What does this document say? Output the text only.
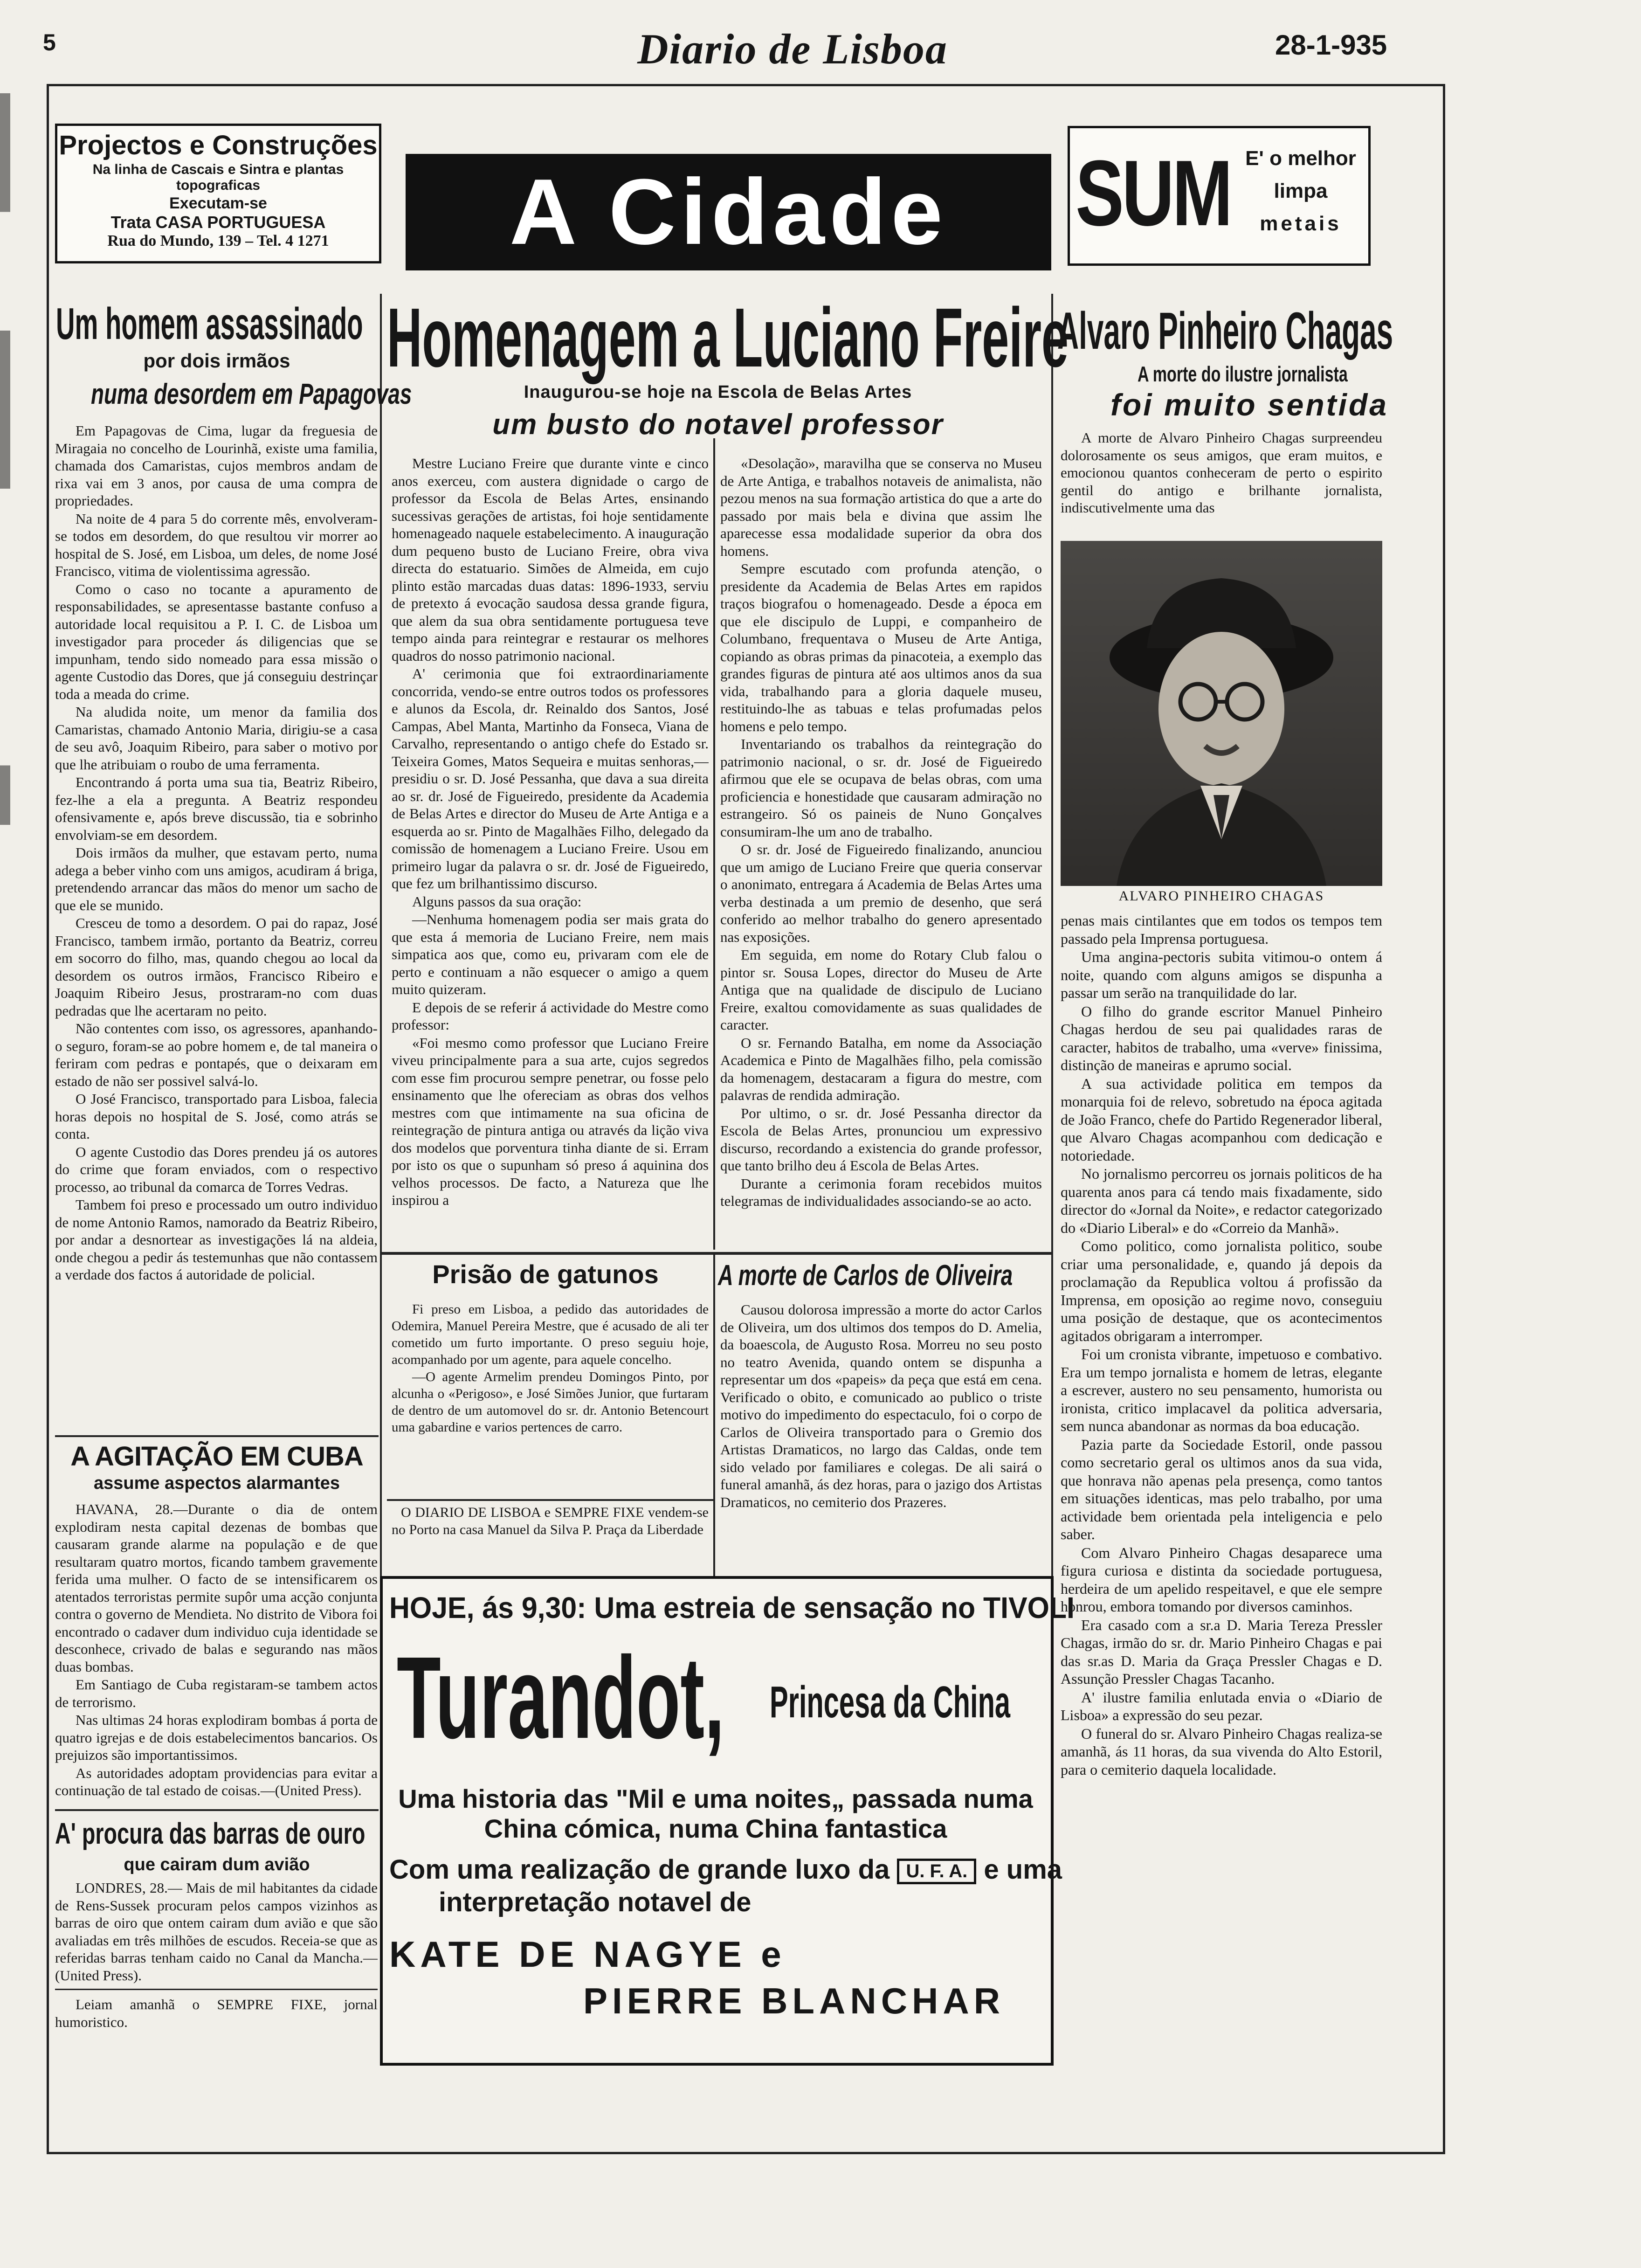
5	Diario de Lisboa	28-1-935
Projectos e Construções
Na linha de Cascais e Sintra e plantas topograficas
Executam-se
Trata CASA PORTUGUESA
Rua do Mundo, 139 – Tel. 4 1271	A Cidade	SUM E' o melhor
limpa
metais
Um homem assassinado
por dois irmãos
numa desordem em Papagovas

Em Papagovas de Cima, lugar da freguesia de Miragaia no concelho de Lourinhã, existe uma familia, chamada dos Camaristas, cujos membros andam de rixa vai em 3 anos, por causa de uma compra de propriedades.

Na noite de 4 para 5 do corrente mês, envolveram-se todos em desordem, do que resultou vir morrer ao hospital de S. José, em Lisboa, um deles, de nome José Francisco, vitima de violentissima agressão.

Como o caso no tocante a apuramento de responsabilidades, se apresentasse bastante confuso a autoridade local requisitou a P. I. C. de Lisboa um investigador para proceder ás diligencias que se impunham, tendo sido nomeado para essa missão o agente Custodio das Dores, que já conseguiu destrinçar toda a meada do crime.

Na aludida noite, um menor da familia dos Camaristas, chamado Antonio Maria, dirigiu-se a casa de seu avô, Joaquim Ribeiro, para saber o motivo por que lhe atribuiam o roubo de uma ferramenta.

Encontrando á porta uma sua tia, Beatriz Ribeiro, fez-lhe a ela a pregunta. A Beatriz respondeu ofensivamente e, após breve discussão, tia e sobrinho envolviam-se em desordem.

Dois irmãos da mulher, que estavam perto, numa adega a beber vinho com uns amigos, acudiram á briga, pretendendo arrancar das mãos do menor um sacho de que ele se munido.

Cresceu de tomo a desordem. O pai do rapaz, José Francisco, tambem irmão, portanto da Beatriz, correu em socorro do filho, mas, quando chegou ao local da desordem os outros irmãos, Francisco Ribeiro e Joaquim Ribeiro Jesus, prostraram-no com duas pedradas que lhe acertaram no peito.

Não contentes com isso, os agressores, apanhando-o seguro, foram-se ao pobre homem e, de tal maneira o feriram com pedras e pontapés, que o deixaram em estado de não ser possivel salvá-lo.

O José Francisco, transportado para Lisboa, falecia horas depois no hospital de S. José, como atrás se conta.

O agente Custodio das Dores prendeu já os autores do crime que foram enviados, com o respectivo processo, ao tribunal da comarca de Torres Vedras.

Tambem foi preso e processado um outro individuo de nome Antonio Ramos, namorado da Beatriz Ribeiro, por andar a desnortear as investigações lá na aldeia, onde chegou a pedir ás testemunhas que não contassem a verdade dos factos á autoridade de policial.

A AGITAÇÃO EM CUBA
assume aspectos alarmantes

HAVANA, 28.—Durante o dia de ontem explodiram nesta capital dezenas de bombas que causaram grande alarme na população e de que resultaram quatro mortos, ficando tambem gravemente ferida uma mulher. O facto de se intensificarem os atentados terroristas permite supôr uma acção conjunta contra o governo de Mendieta. No distrito de Vibora foi encontrado o cadaver dum individuo cuja identidade se desconhece, crivado de balas e segurando nas mãos duas bombas.

Em Santiago de Cuba registaram-se tambem actos de terrorismo.

Nas ultimas 24 horas explodiram bombas á porta de quatro igrejas e de dois estabelecimentos bancarios. Os prejuizos são importantissimos.

As autoridades adoptam providencias para evitar a continuação de tal estado de coisas.—(United Press).

A' procura das barras de ouro
que cairam dum avião

LONDRES, 28.— Mais de mil habitantes da cidade de Rens-Sussek procuram pelos campos vizinhos as barras de oiro que ontem cairam dum avião e que são avaliadas em três milhões de escudos. Receia-se que as referidas barras tenham caido no Canal da Mancha.— (United Press).

Leiam amanhã o SEMPRE FIXE, jornal humoristico.

Homenagem a Luciano Freire
Inaugurou-se hoje na Escola de Belas Artes
um busto do notavel professor

Mestre Luciano Freire que durante vinte e cinco anos exerceu, com austera dignidade o cargo de professor da Escola de Belas Artes, ensinando sucessivas gerações de artistas, foi hoje sentidamente homenageado naquele estabelecimento. A inauguração dum pequeno busto de Luciano Freire, obra viva directa do estatuario. Simões de Almeida, em cujo plinto estão marcadas duas datas: 1896-1933, serviu de pretexto á evocação saudosa dessa grande figura, que alem da sua obra sentidamente portuguesa teve tempo ainda para reintegrar e restaurar os melhores quadros do nosso patrimonio nacional.

A' cerimonia que foi extraordinariamente concorrida, vendo-se entre outros todos os professores e alunos da Escola, dr. Reinaldo dos Santos, José Campas, Abel Manta, Martinho da Fonseca, Viana de Carvalho, representando o antigo chefe do Estado sr. Teixeira Gomes, Matos Sequeira e muitas senhoras,—presidiu o sr. D. José Pessanha, que dava a sua direita ao sr. dr. José de Figueiredo, presidente da Academia de Belas Artes e director do Museu de Arte Antiga e a esquerda ao sr. Pinto de Magalhães Filho, delegado da comissão de homenagem a Luciano Freire. Usou em primeiro lugar da palavra o sr. dr. José de Figueiredo, que fez um brilhantissimo discurso.

Alguns passos da sua oração:

—Nenhuma homenagem podia ser mais grata do que esta á memoria de Luciano Freire, nem mais simpatica aos que, como eu, privaram com ele de perto e continuam a não esquecer o amigo a quem muito quizeram.

E depois de se referir á actividade do Mestre como professor:

«Foi mesmo como professor que Luciano Freire viveu principalmente para a sua arte, cujos segredos com esse fim procurou sempre penetrar, ou fosse pelo ensinamento que lhe ofereciam as obras dos velhos mestres com que intimamente na sua oficina de reintegração de pintura antiga ou através da lição viva dos modelos que porventura tinha diante de si. Erram por isto os que o supunham só preso á aquinina dos velhos processos. De facto, a Natureza que lhe inspirou a

«Desolação», maravilha que se conserva no Museu de Arte Antiga, e trabalhos notaveis de animalista, não pezou menos na sua formação artistica do que a arte do passado por mais bela e divina que assim lhe aparecesse essa modalidade superior da obra dos homens.

Sempre escutado com profunda atenção, o presidente da Academia de Belas Artes em rapidos traços biografou o homenageado. Desde a época em que ele discipulo de Luppi, e companheiro de Columbano, frequentava o Museu de Arte Antiga, copiando as obras primas da pinacoteia, a exemplo das grandes figuras de pintura até aos ultimos anos da sua vida, trabalhando para a gloria daquele museu, restituindo-lhe as tabuas e telas profumadas pelos homens e pelo tempo.

Inventariando os trabalhos da reintegração do patrimonio nacional, o sr. dr. José de Figueiredo afirmou que ele se ocupava de belas obras, com uma proficiencia e honestidade que causaram admiração no estrangeiro. Só os paineis de Nuno Gonçalves consumiram-lhe um ano de trabalho.

O sr. dr. José de Figueiredo finalizando, anunciou que um amigo de Luciano Freire que queria conservar o anonimato, entregara á Academia de Belas Artes uma verba destinada a um premio de desenho, que será conferido ao melhor trabalho do genero apresentado nas exposições.

Em seguida, em nome do Rotary Club falou o pintor sr. Sousa Lopes, director do Museu de Arte Antiga que na qualidade de discipulo de Luciano Freire, exaltou comovidamente as suas qualidades de caracter.

O sr. Fernando Batalha, em nome da Associação Academica e Pinto de Magalhães filho, pela comissão da homenagem, destacaram a figura do mestre, com palavras de rendida admiração.

Por ultimo, o sr. dr. José Pessanha director da Escola de Belas Artes, pronunciou um expressivo discurso, recordando a existencia do grande professor, que tanto brilho deu á Escola de Belas Artes.

Durante a cerimonia foram recebidos muitos telegramas de individualidades associando-se ao acto.

Prisão de gatunos

Fi preso em Lisboa, a pedido das autoridades de Odemira, Manuel Pereira Mestre, que é acusado de ali ter cometido um furto importante. O preso seguiu hoje, acompanhado por um agente, para aquele concelho.

—O agente Armelim prendeu Domingos Pinto, por alcunha o «Perigoso», e José Simões Junior, que furtaram de dentro de um automovel do sr. dr. Antonio Betencourt uma gabardine e varios pertences de carro.

O DIARIO DE LISBOA e SEMPRE FIXE vendem-se no Porto na casa Manuel da Silva P. Praça da Liberdade

A morte de Carlos de Oliveira

Causou dolorosa impressão a morte do actor Carlos de Oliveira, um dos ultimos dos tempos do D. Amelia, da boaescola, de Augusto Rosa. Morreu no seu posto no teatro Avenida, quando ontem se dispunha a representar um dos «papeis» da peça que está em cena. Verificado o obito, e comunicado ao publico o triste motivo do impedimento do espectaculo, foi o corpo de Carlos de Oliveira transportado para o Gremio dos Artistas Dramaticos, no largo das Caldas, onde tem sido velado por familiares e colegas. De ali sairá o funeral amanhã, ás dez horas, para o jazigo dos Artistas Dramaticos, no cemiterio dos Prazeres.

HOJE, ás 9,30: Uma estreia de sensação no TIVOLI
Turandot, Princesa da China
Uma historia das "Mil e uma noites„ passada numa China cómica, numa China fantastica
Com uma realização de grande luxo da U. F. A. e uma
interpretação notavel de
KATE DE NAGYE e
PIERRE BLANCHAR
Alvaro Pinheiro Chagas
A morte do ilustre jornalista
foi muito sentida

A morte de Alvaro Pinheiro Chagas surpreendeu dolorosamente os seus amigos, que eram muitos, e emocionou quantos conheceram de perto o espirito gentil do antigo e brilhante jornalista, indiscutivelmente uma das

ALVARO PINHEIRO CHAGAS

penas mais cintilantes que em todos os tempos tem passado pela Imprensa portuguesa.

Uma angina-pectoris subita vitimou-o ontem á noite, quando com alguns amigos se dispunha a passar um serão na tranquilidade do lar.

O filho do grande escritor Manuel Pinheiro Chagas herdou de seu pai qualidades raras de caracter, habitos de trabalho, uma «verve» finissima, distinção de maneiras e aprumo social.

A sua actividade politica em tempos da monarquia foi de relevo, sobretudo na época agitada de João Franco, chefe do Partido Regenerador liberal, que Alvaro Chagas acompanhou com dedicação e notoriedade.

No jornalismo percorreu os jornais politicos de ha quarenta anos para cá tendo mais fixadamente, sido director do «Jornal da Noite», e redactor categorizado do «Diario Liberal» e do «Correio da Manhã».

Como politico, como jornalista politico, soube criar uma personalidade, e, quando já depois da proclamação da Republica voltou á profissão da Imprensa, em oposição ao regime novo, conseguiu uma posição de destaque, que os acontecimentos agitados obrigaram a interromper.

Foi um cronista vibrante, impetuoso e combativo. Era um tempo jornalista e homem de letras, elegante a escrever, austero no seu pensamento, humorista ou ironista, critico implacavel da politica adversaria, sem nunca abandonar as normas da boa educação.

Pazia parte da Sociedade Estoril, onde passou como secretario geral os ultimos anos da sua vida, que honrava não apenas pela presença, como tantos em situações identicas, mas pelo trabalho, por uma actividade bem orientada pela inteligencia e pelo saber.

Com Alvaro Pinheiro Chagas desaparece uma figura curiosa e distinta da sociedade portuguesa, herdeira de um apelido respeitavel, e que ele sempre honrou, embora tomando por diversos caminhos.

Era casado com a sr.a D. Maria Tereza Pressler Chagas, irmão do sr. dr. Mario Pinheiro Chagas e pai das sr.as D. Maria da Graça Pressler Chagas e D. Assunção Pressler Chagas Tacanho.

A' ilustre familia enlutada envia o «Diario de Lisboa» a expressão do seu pezar.

O funeral do sr. Alvaro Pinheiro Chagas realiza-se amanhã, ás 11 horas, da sua vivenda do Alto Estoril, para o cemiterio daquela localidade.
